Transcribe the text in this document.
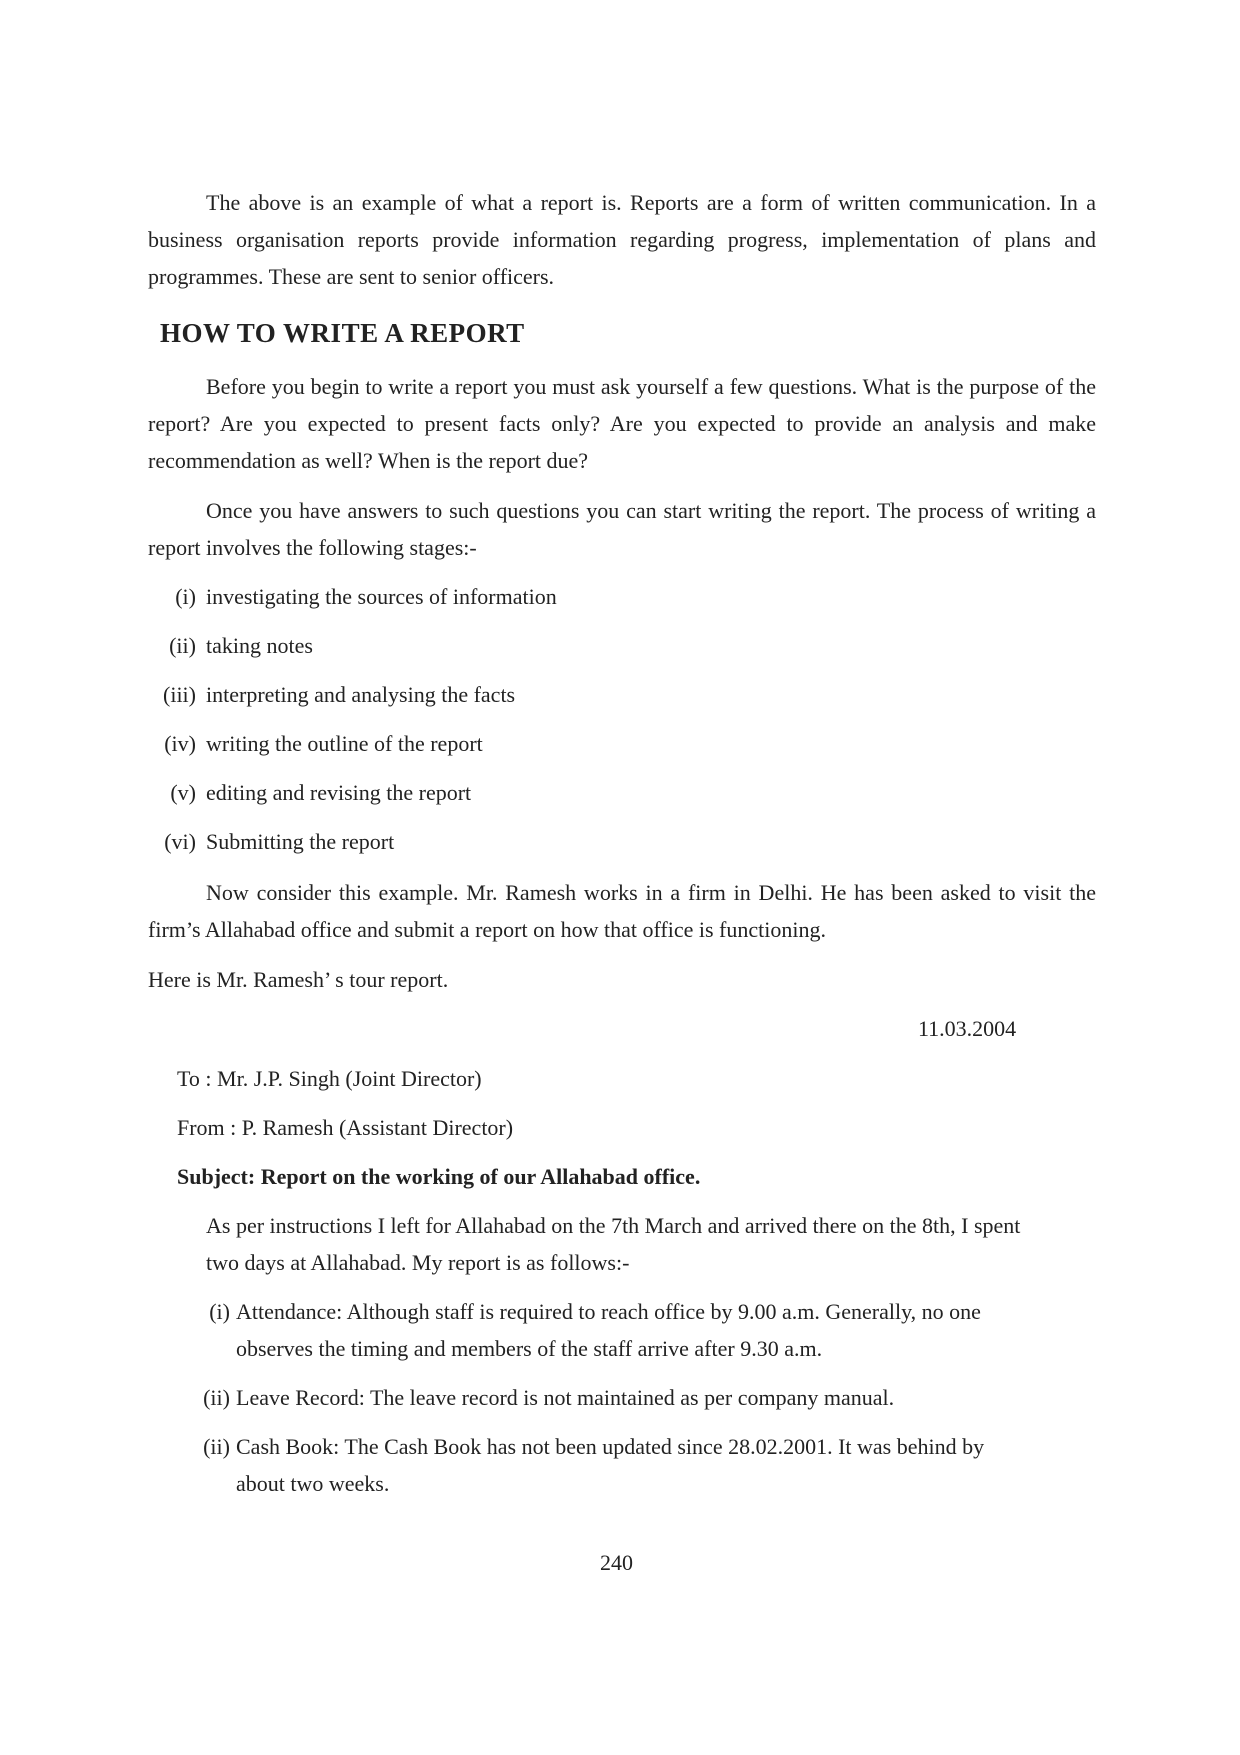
The above is an example of what a report is. Reports are a form of written communication. In a business organisation reports provide information regarding progress, implementation of plans and programmes. These are sent to senior officers.

HOW TO WRITE A REPORT

Before you begin to write a report you must ask yourself a few questions. What is the purpose of the report? Are you expected to present facts only? Are you expected to provide an analysis and make recommendation as well? When is the report due?

Once you have answers to such questions you can start writing the report. The process of writing a report involves the following stages:-

(i) investigating the sources of information
(ii) taking notes
(iii) interpreting and analysing the facts
(iv) writing the outline of the report
(v) editing and revising the report
(vi) Submitting the report

Now consider this example. Mr. Ramesh works in a firm in Delhi. He has been asked to visit the firm’s Allahabad office and submit a report on how that office is functioning.

Here is Mr. Ramesh’ s tour report.

11.03.2004

To : Mr. J.P. Singh (Joint Director)

From : P. Ramesh (Assistant Director)

Subject: Report on the working of our Allahabad office.

As per instructions I left for Allahabad on the 7th March and arrived there on the 8th, I spent two days at Allahabad. My report is as follows:-

(i) Attendance: Although staff is required to reach office by 9.00 a.m. Generally, no one observes the timing and members of the staff arrive after 9.30 a.m.
(ii) Leave Record: The leave record is not maintained as per company manual.
(ii) Cash Book: The Cash Book has not been updated since 28.02.2001. It was behind by about two weeks.

240
